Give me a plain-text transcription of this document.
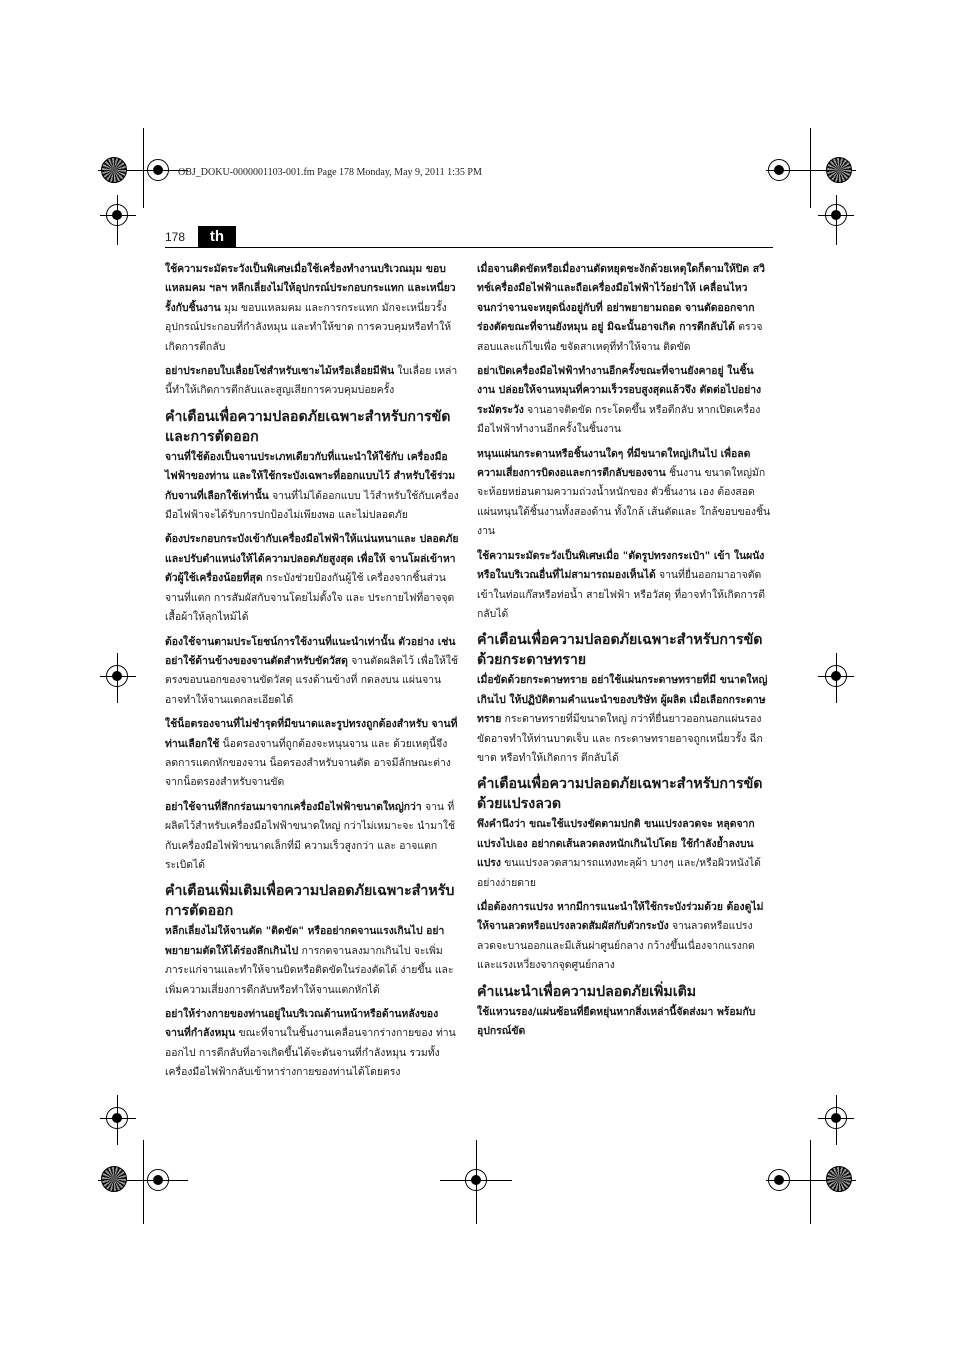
OBJ_DOKU-0000001103-001.fm Page 178 Monday, May 9, 2011 1:35 PM
178	th

ใช้ความระมัดระวังเป็นพิเศษเมื่อใช้เครื่องทำงานบริเวณมุม ขอบแหลมคม ฯลฯ หลีกเลี่ยงไม่ให้อุปกรณ์ประกอบกระแทก และเหนี่ยวรั้งกับชิ้นงาน มุม ขอบแหลมคม และการกระแทก มักจะเหนี่ยวรั้งอุปกรณ์ประกอบที่กำลังหมุน และทำให้ขาด การควบคุมหรือทำให้เกิดการตีกลับ

อย่าประกอบใบเลื่อยโซ่สำหรับเซาะไม้หรือเลื่อยมีฟัน ใบเลื่อย เหล่านี้ทำให้เกิดการตีกลับและสูญเสียการควบคุมบ่อยครั้ง

คำเตือนเพื่อความปลอดภัยเฉพาะสำหรับการขัด และการตัดออก

จานที่ใช้ต้องเป็นจานประเภทเดียวกับที่แนะนำให้ใช้กับ เครื่องมือไฟฟ้าของท่าน และให้ใช้กระบังเฉพาะที่ออกแบบไว้ สำหรับใช้ร่วมกับจานที่เลือกใช้เท่านั้น จานที่ไม่ได้ออกแบบ ไว้สำหรับใช้กับเครื่องมือไฟฟ้าจะได้รับการปกป้องไม่เพียงพอ และไม่ปลอดภัย

ต้องประกอบกระบังเข้ากับเครื่องมือไฟฟ้าให้แน่นหนาและ ปลอดภัย และปรับตำแหน่งให้ได้ความปลอดภัยสูงสุด เพื่อให้ จานโผล่เข้าหาตัวผู้ใช้เครื่องน้อยที่สุด กระบังช่วยป้องกันผู้ใช้ เครื่องจากชิ้นส่วนจานที่แตก การสัมผัสกับจานโดยไม่ตั้งใจ และ ประกายไฟที่อาจจุดเสื้อผ้าให้ลุกไหม้ได้

ต้องใช้จานตามประโยชน์การใช้งานที่แนะนำเท่านั้น ตัวอย่าง เช่น อย่าใช้ด้านข้างของจานตัดสำหรับขัดวัสดุ จานตัดผลิตไว้ เพื่อให้ใช้ตรงขอบนอกของจานขัดวัสดุ แรงด้านข้างที่ กดลงบน แผ่นจานอาจทำให้จานแตกละเอียดได้

ใช้น็อตรองจานที่ไม่ชำรุดที่มีขนาดและรูปทรงถูกต้องสำหรับ จานที่ท่านเลือกใช้ น็อตรองจานที่ถูกต้องจะหนุนจาน และ ด้วยเหตุนี้จึงลดการแตกหักของจาน น็อตรองสำหรับจานตัด อาจมีลักษณะต่างจากน็อตรองสำหรับจานขัด

อย่าใช้จานที่สึกกร่อนมาจากเครื่องมือไฟฟ้าขนาดใหญ่กว่า จาน ที่ผลิตไว้สำหรับเครื่องมือไฟฟ้าขนาดใหญ่ กว่าไม่เหมาะจะ นำมาใช้กับเครื่องมือไฟฟ้าขนาดเล็กที่มี ความเร็วสูงกว่า และ อาจแตกระเบิดได้

คำเตือนเพิ่มเติมเพื่อความปลอดภัยเฉพาะสำหรับ การตัดออก

หลีกเลี่ยงไม่ให้จานตัด "ติดขัด" หรืออย่ากดจานแรงเกินไป อย่าพยายามตัดให้ได้ร่องลึกเกินไป การกดจานลงมากเกินไป จะเพิ่มภาระแก่จานและทำให้จานบิดหรือติดขัดในร่องตัดได้ ง่ายขึ้น และเพิ่มความเสี่ยงการตีกลับหรือทำให้จานแตกหักได้

อย่าให้ร่างกายของท่านอยู่ในบริเวณด้านหน้าหรือด้านหลังของ จานที่กำลังหมุน ขณะที่จานในชิ้นงานเคลื่อนจากร่างกายของ ท่านออกไป การตีกลับที่อาจเกิดขึ้นได้จะดันจานที่กำลังหมุน รวมทั้งเครื่องมือไฟฟ้ากลับเข้าหาร่างกายของท่านได้โดยตรง

เมื่อจานติดขัดหรือเมื่องานตัดหยุดชะงักด้วยเหตุใดก็ตามให้ปิด สวิทช์เครื่องมือไฟฟ้าและถือเครื่องมือไฟฟ้าไว้อย่าให้ เคลื่อนไหวจนกว่าจานจะหยุดนิ่งอยู่กับที่ อย่าพยายามถอด จานตัดออกจากร่องตัดขณะที่จานยังหมุน อยู่ มิฉะนั้นอาจเกิด การตีกลับได้ ตรวจสอบและแก้ไขเพื่อ ขจัดสาเหตุที่ทำให้จาน ติดขัด

อย่าเปิดเครื่องมือไฟฟ้าทำงานอีกครั้งขณะที่จานยังคาอยู่ ในชิ้นงาน ปล่อยให้จานหมุนที่ความเร็วรอบสูงสุดแล้วจึง ตัดต่อไปอย่างระมัดระวัง จานอาจติดขัด กระโดดขึ้น หรือตีกลับ หากเปิดเครื่องมือไฟฟ้าทำงานอีกครั้งในชิ้นงาน

หนุนแผ่นกระดานหรือชิ้นงานใดๆ ที่มีขนาดใหญ่เกินไป เพื่อลดความเสี่ยงการบิดงอและการตีกลับของจาน ชิ้นงาน ขนาดใหญ่มักจะห้อยหย่อนตามความถ่วงน้ำหนักของ ตัวชิ้นงาน เอง ต้องสอดแผ่นหนุนใต้ชิ้นงานทั้งสองด้าน ทั้งใกล้ เส้นตัดและ ใกล้ขอบของชิ้นงาน

ใช้ความระมัดระวังเป็นพิเศษเมื่อ "ตัดรูปทรงกระเป๋า" เข้า ในผนังหรือในบริเวณอื่นที่ไม่สามารถมองเห็นได้ จานที่ยื่นออกมาอาจตัดเข้าในท่อแก๊สหรือท่อน้ำ สายไฟฟ้า หรือวัสดุ ที่อาจทำให้เกิดการตีกลับได้

คำเตือนเพื่อความปลอดภัยเฉพาะสำหรับการขัด ด้วยกระดาษทราย

เมื่อขัดด้วยกระดาษทราย อย่าใช้แผ่นกระดาษทรายที่มี ขนาดใหญ่เกินไป ให้ปฏิบัติตามคำแนะนำของบริษัท ผู้ผลิต เมื่อเลือกกระดาษทราย กระดาษทรายที่มีขนาดใหญ่ กว่าที่ยื่นยาวออกนอกแผ่นรองขัดอาจทำให้ท่านบาดเจ็บ และ กระดาษทรายอาจถูกเหนี่ยวรั้ง ฉีกขาด หรือทำให้เกิดการ ตีกลับได้

คำเตือนเพื่อความปลอดภัยเฉพาะสำหรับการขัด ด้วยแปรงลวด

พึงคำนึงว่า ขณะใช้แปรงขัดตามปกติ ขนแปรงลวดจะ หลุดจากแปรงไปเอง อย่ากดเส้นลวดลงหนักเกินไปโดย ใช้กำลังย้ำลงบนแปรง ขนแปรงลวดสามารถแทงทะลุผ้า บางๆ และ/หรือผิวหนังได้อย่างง่ายดาย

เมื่อต้องการแปรง หากมีการแนะนำให้ใช้กระบังร่วมด้วย ต้องดูไม่ให้จานลวดหรือแปรงลวดสัมผัสกับตัวกระบัง จานลวดหรือแปรงลวดจะบานออกและมีเส้นผ่าศูนย์กลาง กว้างขึ้นเนื่องจากแรงกดและแรงเหวี่ยงจากจุดศูนย์กลาง

คำแนะนำเพื่อความปลอดภัยเพิ่มเติม

ใช้แหวนรอง/แผ่นซ้อนที่ยืดหยุ่นหากสิ่งเหล่านี้จัดส่งมา พร้อมกับอุปกรณ์ขัด
